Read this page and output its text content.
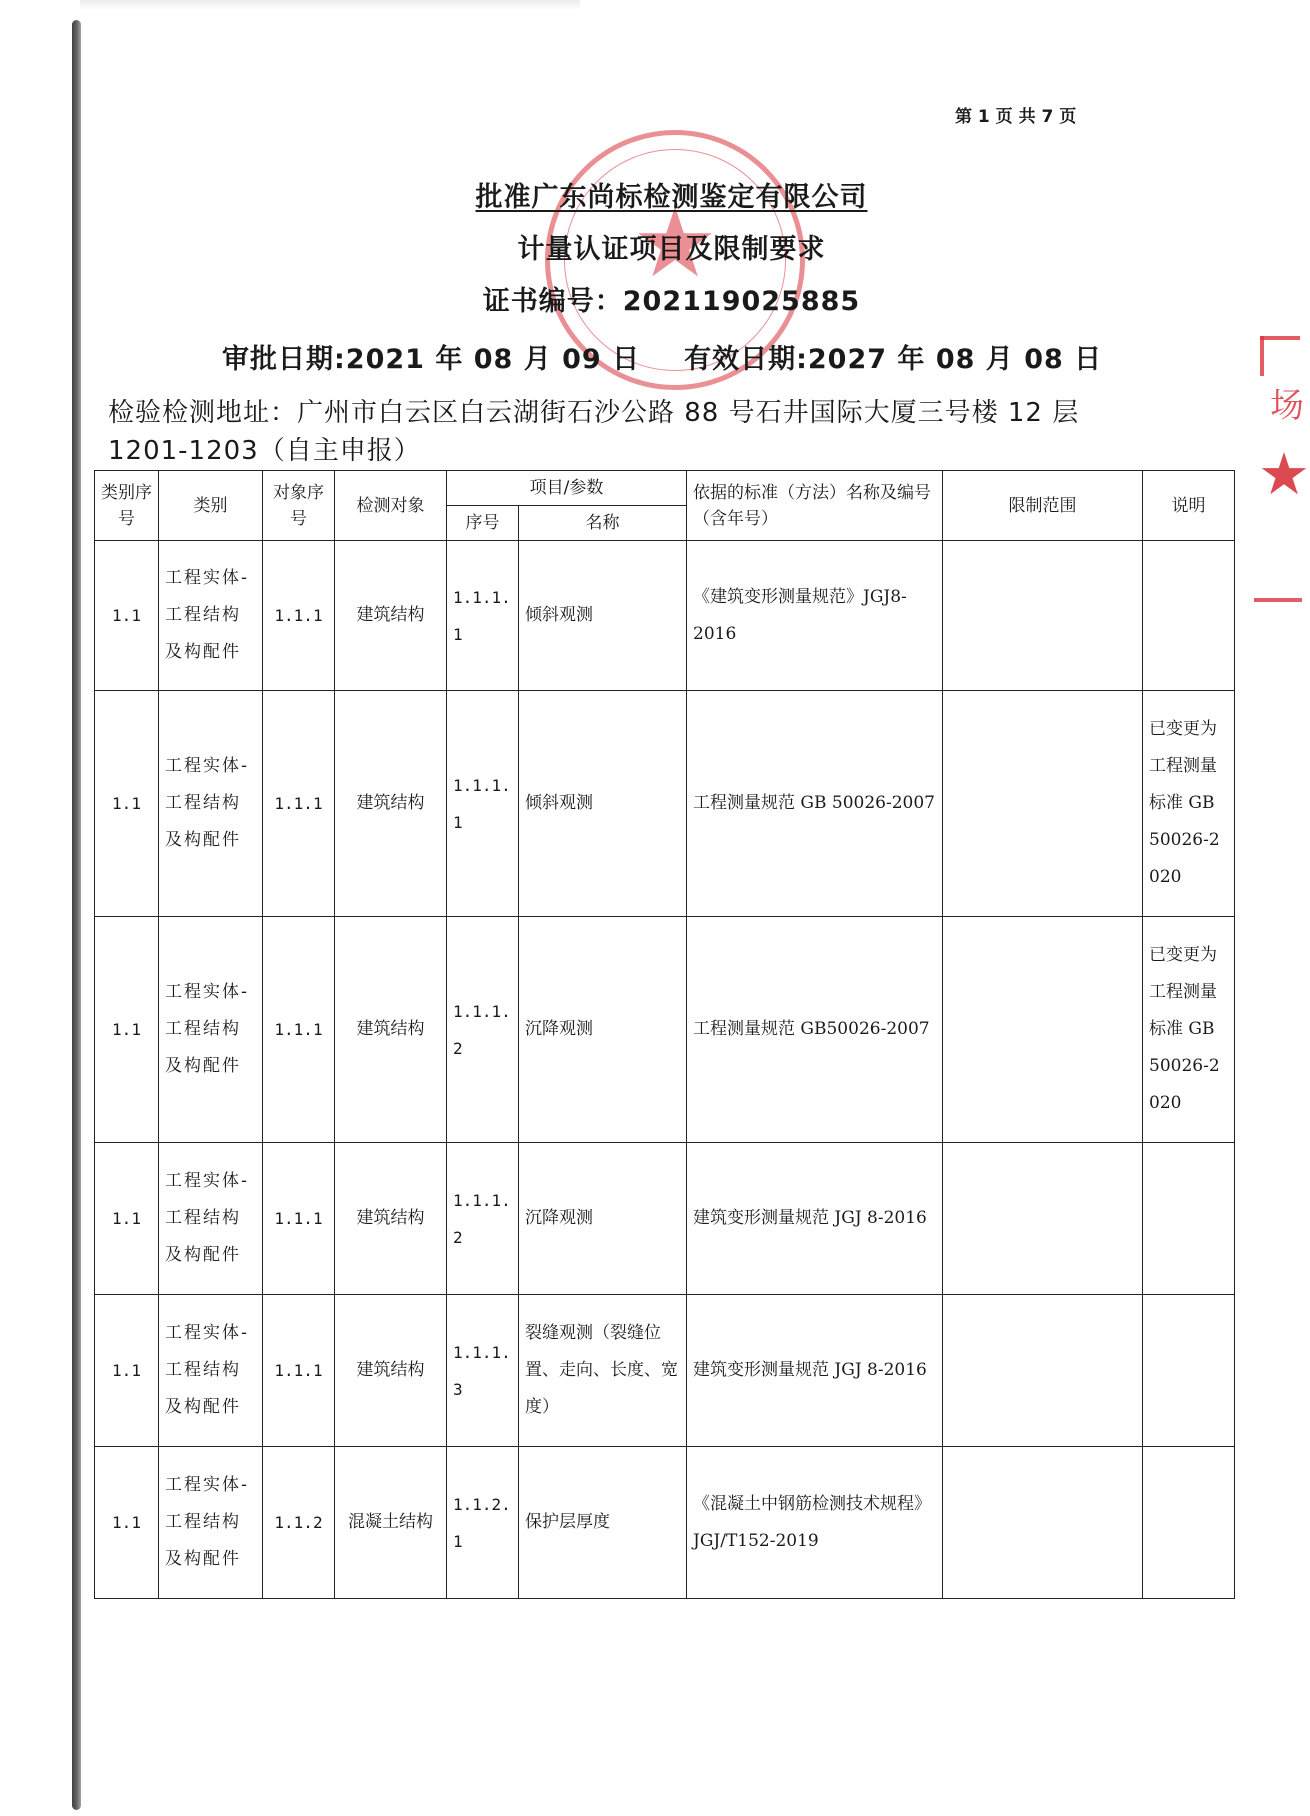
第 1 页 共 7 页
★
批准广东尚标检测鉴定有限公司
计量认证项目及限制要求
证书编号：202119025885
审批日期:2021 年 08 月 09 日 有效日期:2027 年 08 月 08 日
检验检测地址：广州市白云区白云湖街石沙公路 88 号石井国际大厦三号楼 12 层 1201-1203（自主申报）
类别序号	类别	对象序号	检测对象	项目/参数		依据的标准（方法）名称及编号（含年号）	限制范围	说明
				序号	名称			
1.1	工程实体-工程结构及构配件	1.1.1	建筑结构	1.1.1.1	倾斜观测	《建筑变形测量规范》JGJ8-2016		
1.1	工程实体-工程结构及构配件	1.1.1	建筑结构	1.1.1.1	倾斜观测	工程测量规范 GB 50026-2007		已变更为工程测量标准 GB 50026-2020
1.1	工程实体-工程结构及构配件	1.1.1	建筑结构	1.1.1.2	沉降观测	工程测量规范 GB50026-2007		已变更为工程测量标准 GB 50026-2020
1.1	工程实体-工程结构及构配件	1.1.1	建筑结构	1.1.1.2	沉降观测	建筑变形测量规范 JGJ 8-2016		
1.1	工程实体-工程结构及构配件	1.1.1	建筑结构	1.1.1.3	裂缝观测（裂缝位置、走向、长度、宽度）	建筑变形测量规范 JGJ 8-2016		
1.1	工程实体-工程结构及构配件	1.1.2	混凝土结构	1.1.2.1	保护层厚度	《混凝土中钢筋检测技术规程》JGJ/T152-2019		
场
★
